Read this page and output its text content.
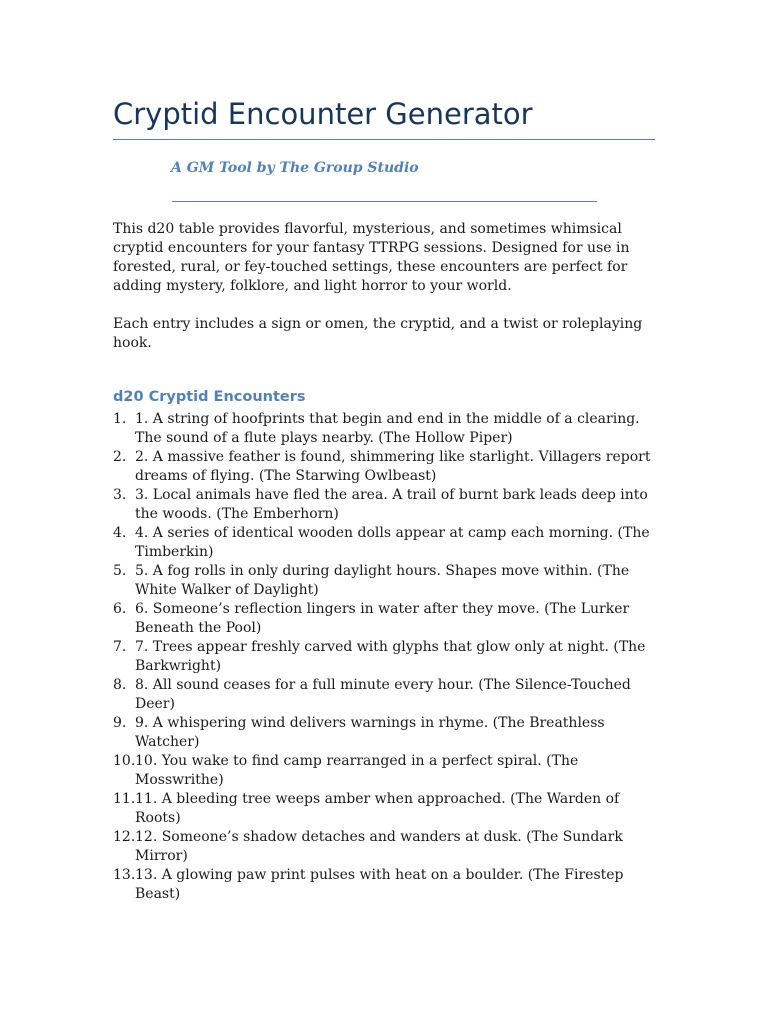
Cryptid Encounter Generator

A GM Tool by The Group Studio

This d20 table provides flavorful, mysterious, and sometimes whimsical cryptid encounters for your fantasy TTRPG sessions. Designed for use in forested, rural, or fey-touched settings, these encounters are perfect for adding mystery, folklore, and light horror to your world.

Each entry includes a sign or omen, the cryptid, and a twist or roleplaying hook.

d20 Cryptid Encounters
1. 1. A string of hoofprints that begin and end in the middle of a clearing. The sound of a flute plays nearby. (The Hollow Piper)
2. 2. A massive feather is found, shimmering like starlight. Villagers report dreams of flying. (The Starwing Owlbeast)
3. 3. Local animals have fled the area. A trail of burnt bark leads deep into the woods. (The Emberhorn)
4. 4. A series of identical wooden dolls appear at camp each morning. (The Timberkin)
5. 5. A fog rolls in only during daylight hours. Shapes move within. (The White Walker of Daylight)
6. 6. Someone’s reflection lingers in water after they move. (The Lurker Beneath the Pool)
7. 7. Trees appear freshly carved with glyphs that glow only at night. (The Barkwright)
8. 8. All sound ceases for a full minute every hour. (The Silence-Touched Deer)
9. 9. A whispering wind delivers warnings in rhyme. (The Breathless Watcher)
10. 10. You wake to find camp rearranged in a perfect spiral. (The Mosswrithe)
11. 11. A bleeding tree weeps amber when approached. (The Warden of Roots)
12. 12. Someone’s shadow detaches and wanders at dusk. (The Sundark Mirror)
13. 13. A glowing paw print pulses with heat on a boulder. (The Firestep Beast)
